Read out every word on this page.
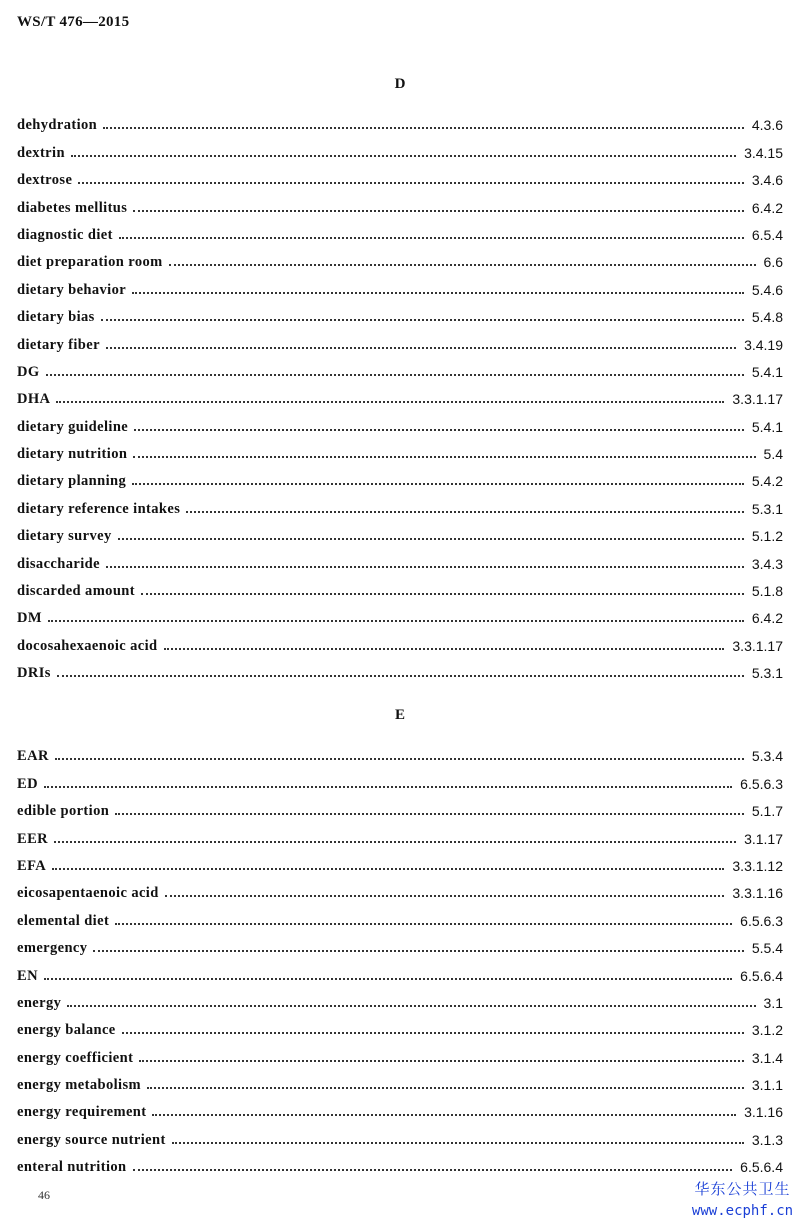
WS/T 476—2015
D
dehydration	4.3.6
dextrin	3.4.15
dextrose	3.4.6
diabetes mellitus	6.4.2
diagnostic diet	6.5.4
diet preparation room	6.6
dietary behavior	5.4.6
dietary bias	5.4.8
dietary fiber	3.4.19
DG	5.4.1
DHA	3.3.1.17
dietary guideline	5.4.1
dietary nutrition	5.4
dietary planning	5.4.2
dietary reference intakes	5.3.1
dietary survey	5.1.2
disaccharide	3.4.3
discarded amount	5.1.8
DM	6.4.2
docosahexaenoic acid	3.3.1.17
DRIs	5.3.1
E
EAR	5.3.4
ED	6.5.6.3
edible portion	5.1.7
EER	3.1.17
EFA	3.3.1.12
eicosapentaenoic acid	3.3.1.16
elemental diet	6.5.6.3
emergency	5.5.4
EN	6.5.6.4
energy	3.1
energy balance	3.1.2
energy coefficient	3.1.4
energy metabolism	3.1.1
energy requirement	3.1.16
energy source nutrient	3.1.3
enteral nutrition	6.5.6.4
46	华东公共卫生
www.ecphf.cn
